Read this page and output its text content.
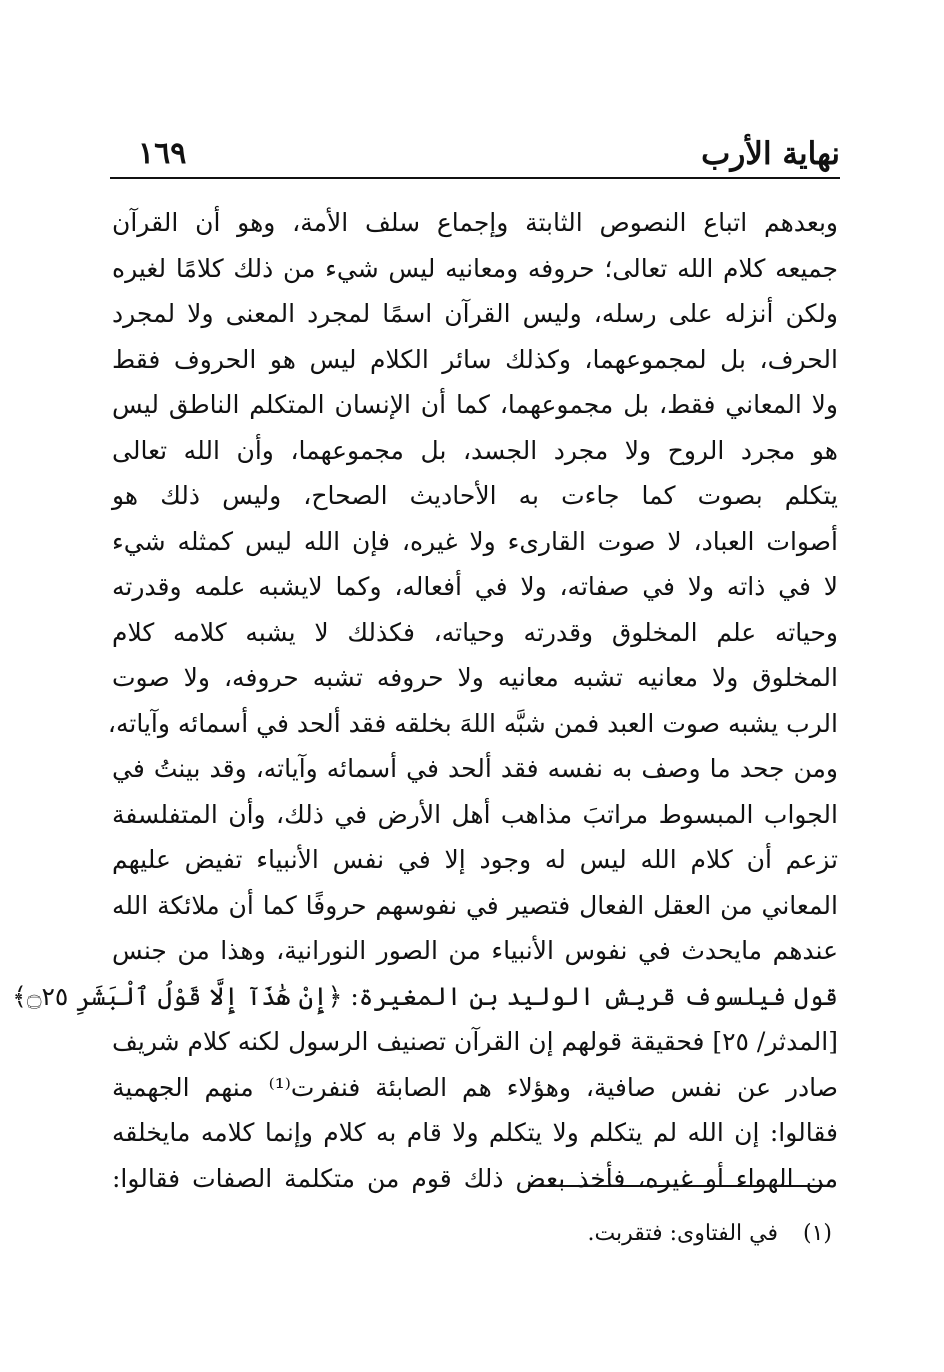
نهاية الأرب
١٦٩
وبعدهم اتباع النصوص الثابتة وإجماع سلف الأمة، وهو أن القرآن
جميعه كلام الله تعالى؛ حروفه ومعانيه ليس شيء من ذلك كلامًا لغيره
ولكن أنزله على رسله، وليس القرآن اسمًا لمجرد المعنى ولا لمجرد
الحرف، بل لمجموعهما، وكذلك سائر الكلام ليس هو الحروف فقط
ولا المعاني فقط، بل مجموعهما، كما أن الإنسان المتكلم الناطق ليس
هو مجرد الروح ولا مجرد الجسد، بل مجموعهما، وأن الله تعالى
يتكلم بصوت كما جاءت به الأحاديث الصحاح، وليس ذلك هو
أصوات العباد، لا صوت القارىء ولا غيره، فإن الله ليس كمثله شيء
لا في ذاته ولا في صفاته، ولا في أفعاله، وكما لايشبه علمه وقدرته
وحياته علم المخلوق وقدرته وحياته، فكذلك لا يشبه كلامه كلام
المخلوق ولا معانيه تشبه معانيه ولا حروفه تشبه حروفه، ولا صوت
الرب يشبه صوت العبد فمن شبَّه اللهَ بخلقه فقد ألحد في أسمائه وآياته،
ومن جحد ما وصف به نفسه فقد ألحد في أسمائه وآياته، وقد بينتُ في
الجواب المبسوط مراتبَ مذاهب أهل الأرض في ذلك، وأن المتفلسفة
تزعم أن كلام الله ليس له وجود إلا في نفس الأنبياء تفيض عليهم
المعاني من العقل الفعال فتصير في نفوسهم حروفًا كما أن ملائكة الله
عندهم مايحدث في نفوس الأنبياء من الصور النورانية، وهذا من جنس
قول فيلسوف قريش الوليد بن المغيرة: ﴿إِنْ هَٰذَآ إِلَّا قَوْلُ ٱلْبَشَرِ ۝٢٥﴾
[المدثر/ ٢٥] فحقيقة قولهم إن القرآن تصنيف الرسول لكنه كلام شريف
صادر عن نفس صافية، وهؤلاء هم الصابئة فنفرت⁽¹⁾ منهم الجهمية
فقالوا: إن الله لم يتكلم ولا يتكلم ولا قام به كلام وإنما كلامه مايخلقه
من الهواء أو غيره، فأخذ بعض ذلك قوم من متكلمة الصفات فقالوا:
(١) في الفتاوى: فتقربت.
